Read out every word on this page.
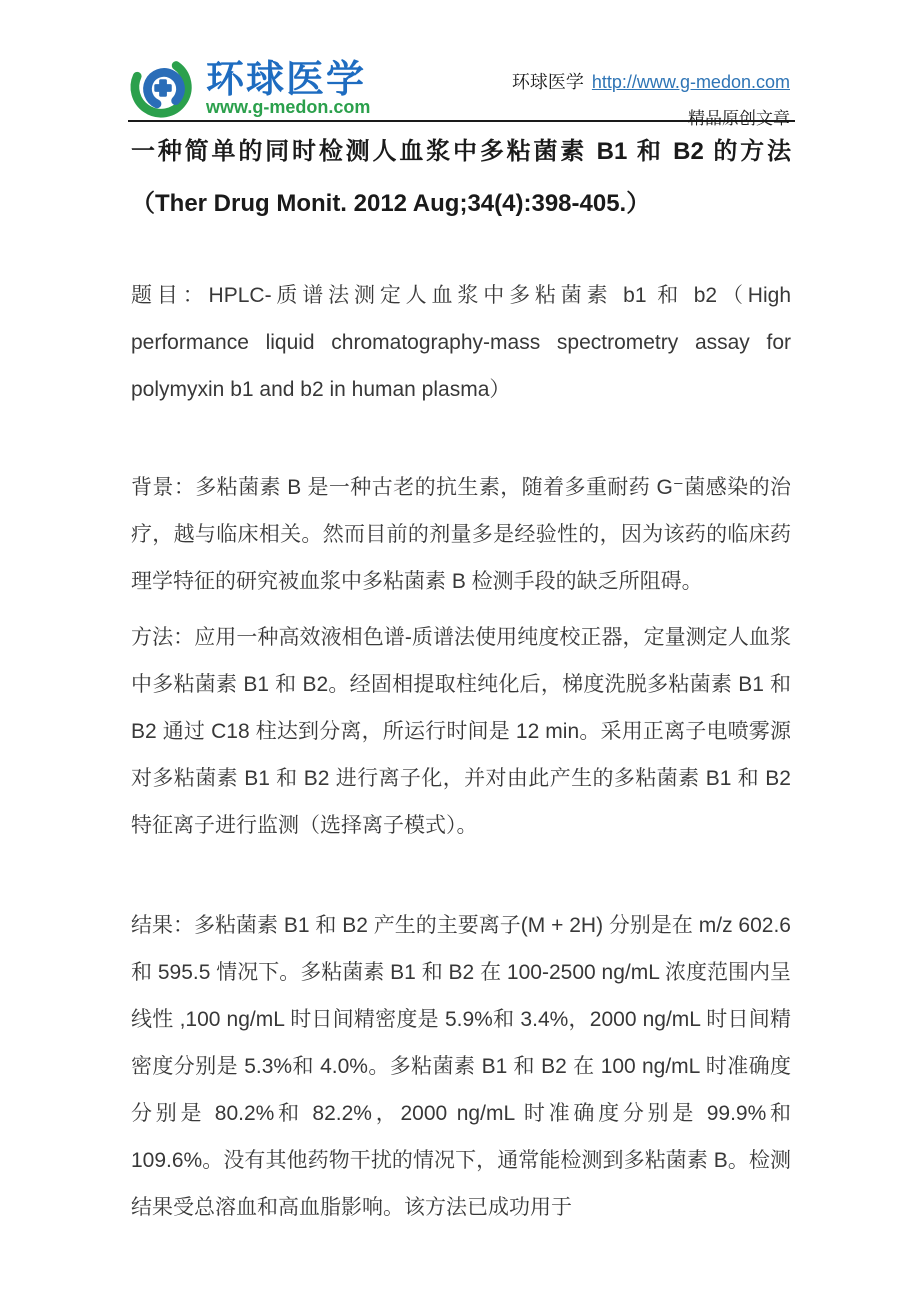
环球医学
www.g-medon.com
环球医学 http://www.g-medon.com
精品原创文章
一种简单的同时检测人血浆中多粘菌素 B1 和 B2 的方法 （Ther Drug Monit. 2012 Aug;34(4):398-405.）

题目：HPLC-质谱法测定人血浆中多粘菌素 b1 和 b2（High performance liquid chromatography-mass spectrometry assay for polymyxin b1 and b2 in human plasma）

背景：多粘菌素 B 是一种古老的抗生素，随着多重耐药 G⁻菌感染的治疗，越与临床相关。然而目前的剂量多是经验性的，因为该药的临床药理学特征的研究被血浆中多粘菌素 B 检测手段的缺乏所阻碍。

方法：应用一种高效液相色谱-质谱法使用纯度校正器，定量测定人血浆中多粘菌素 B1 和 B2。经固相提取柱纯化后，梯度洗脱多粘菌素 B1 和 B2 通过 C18 柱达到分离，所运行时间是 12 min。采用正离子电喷雾源对多粘菌素 B1 和 B2 进行离子化，并对由此产生的多粘菌素 B1 和 B2 特征离子进行监测（选择离子模式）。

结果：多粘菌素 B1 和 B2 产生的主要离子(M + 2H) 分别是在 m/z 602.6 和 595.5 情况下。多粘菌素 B1 和 B2 在 100-2500 ng/mL 浓度范围内呈线性 ,100 ng/mL 时日间精密度是 5.9%和 3.4%，2000 ng/mL 时日间精密度分别是 5.3%和 4.0%。多粘菌素 B1 和 B2 在 100 ng/mL 时准确度分别是 80.2%和 82.2%，2000 ng/mL 时准确度分别是 99.9%和 109.6%。没有其他药物干扰的情况下，通常能检测到多粘菌素 B。检测结果受总溶血和高血脂影响。该方法已成功用于
